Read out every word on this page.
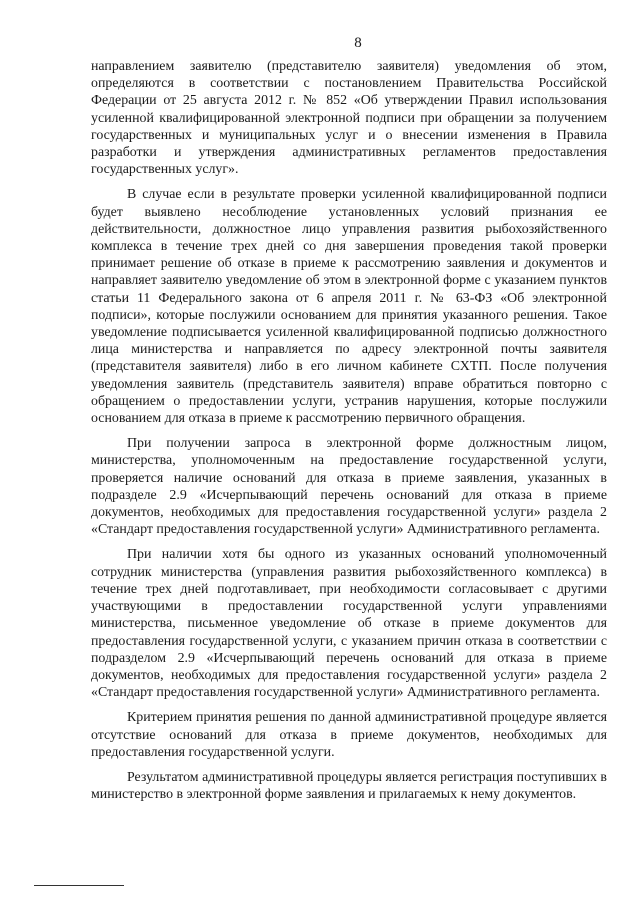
8

направлением заявителю (представителю заявителя) уведомления об этом, определяются в соответствии с постановлением Правительства Российской Федерации от 25 августа 2012 г. № 852 «Об утверждении Правил использования усиленной квалифицированной электронной подписи при обращении за получением государственных и муниципальных услуг и о внесении изменения в Правила разработки и утверждения административных регламентов предоставления государственных услуг».

В случае если в результате проверки усиленной квалифицированной подписи будет выявлено несоблюдение установленных условий признания ее действительности, должностное лицо управления развития рыбохозяйственного комплекса в течение трех дней со дня завершения проведения такой проверки принимает решение об отказе в приеме к рассмотрению заявления и документов и направляет заявителю уведомление об этом в электронной форме с указанием пунктов статьи 11 Федерального закона от 6 апреля 2011 г. № 63-ФЗ «Об электронной подписи», которые послужили основанием для принятия указанного решения. Такое уведомление подписывается усиленной квалифицированной подписью должностного лица министерства и направляется по адресу электронной почты заявителя (представителя заявителя) либо в его личном кабинете СХТП. После получения уведомления заявитель (представитель заявителя) вправе обратиться повторно с обращением о предоставлении услуги, устранив нарушения, которые послужили основанием для отказа в приеме к рассмотрению первичного обращения.

При получении запроса в электронной форме должностным лицом, министерства, уполномоченным на предоставление государственной услуги, проверяется наличие оснований для отказа в приеме заявления, указанных в подразделе 2.9 «Исчерпывающий перечень оснований для отказа в приеме документов, необходимых для предоставления государственной услуги» раздела 2 «Стандарт предоставления государственной услуги» Административного регламента.

При наличии хотя бы одного из указанных оснований уполномоченный сотрудник министерства (управления развития рыбохозяйственного комплекса) в течение трех дней подготавливает, при необходимости согласовывает с другими участвующими в предоставлении государственной услуги управлениями министерства, письменное уведомление об отказе в приеме документов для предоставления государственной услуги, с указанием причин отказа в соответствии с подразделом 2.9 «Исчерпывающий перечень оснований для отказа в приеме документов, необходимых для предоставления государственной услуги» раздела 2 «Стандарт предоставления государственной услуги» Административного регламента.

Критерием принятия решения по данной административной процедуре является отсутствие оснований для отказа в приеме документов, необходимых для предоставления государственной услуги.

Результатом административной процедуры является регистрация поступивших в министерство в электронной форме заявления и прилагаемых к нему документов.
